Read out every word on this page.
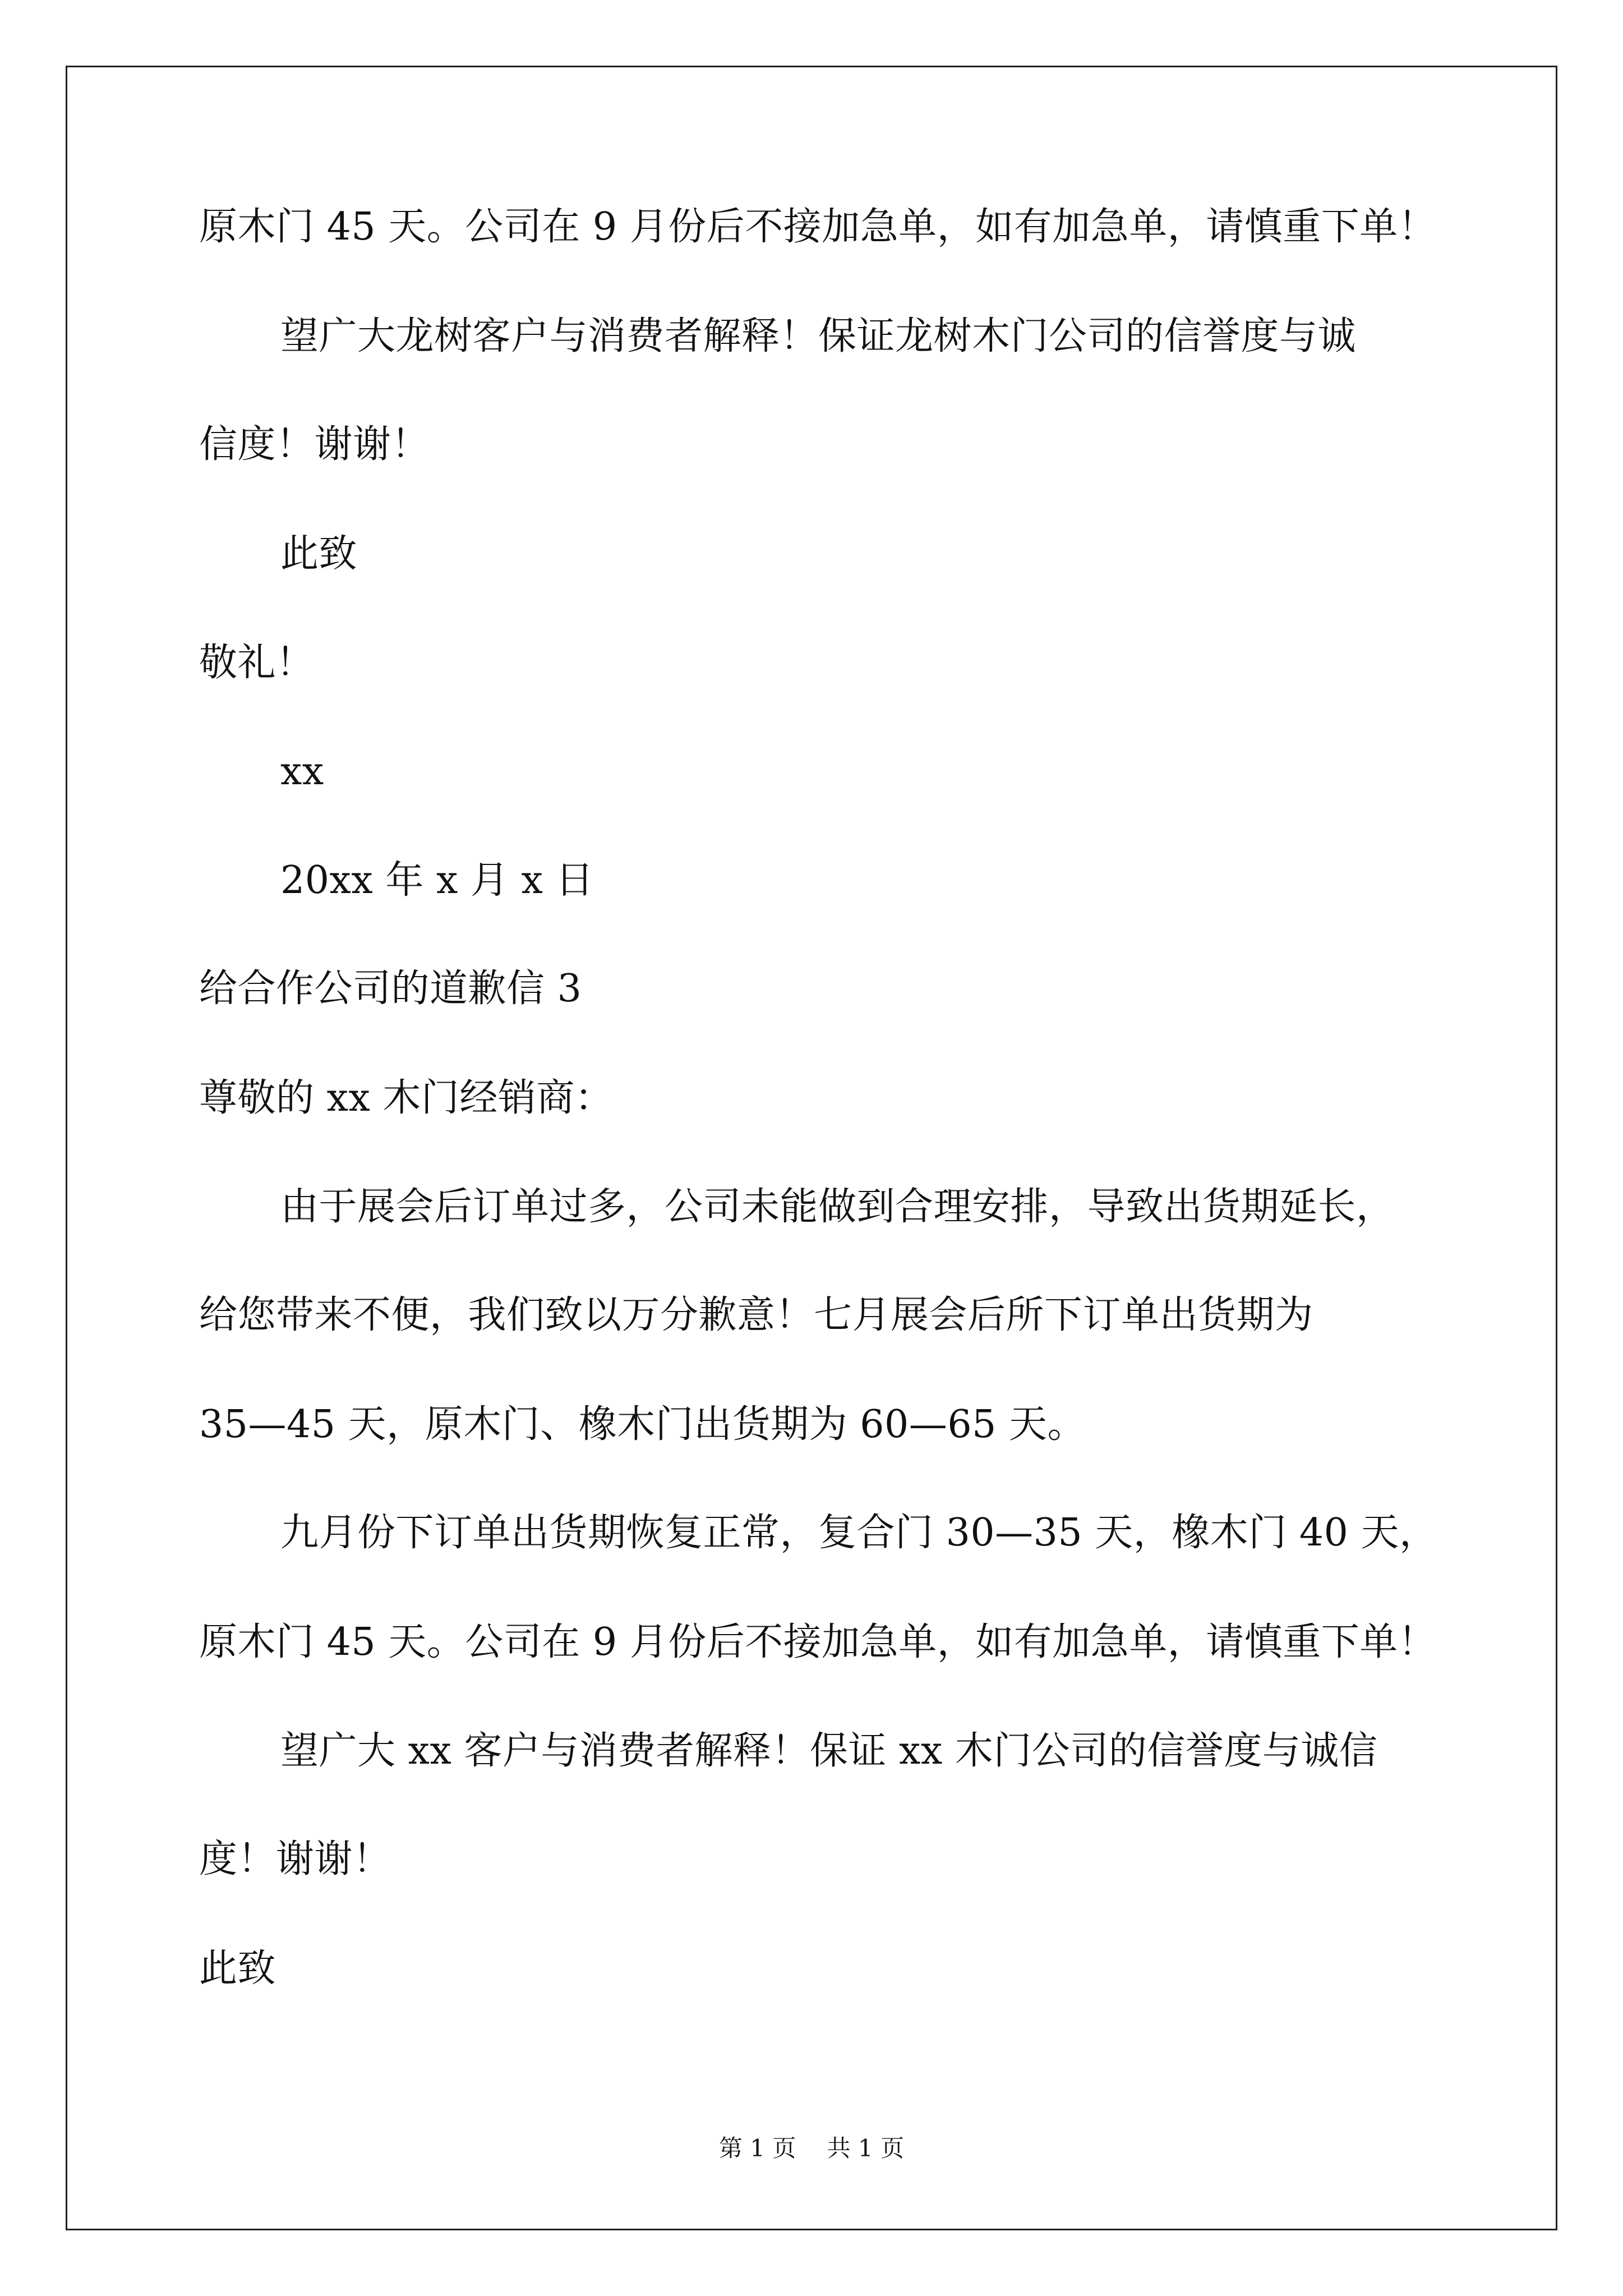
原木门 45 天。公司在 9 月份后不接加急单，如有加急单，请慎重下单！
望广大龙树客户与消费者解释！保证龙树木门公司的信誉度与诚
信度！谢谢！
此致
敬礼！
xx
20xx 年 x 月 x 日
给合作公司的道歉信 3
尊敬的 xx 木门经销商：
由于展会后订单过多，公司未能做到合理安排，导致出货期延长，
给您带来不便，我们致以万分歉意！七月展会后所下订单出货期为
35—45 天，原木门、橡木门出货期为 60—65 天。
九月份下订单出货期恢复正常，复合门 30—35 天，橡木门 40 天，
原木门 45 天。公司在 9 月份后不接加急单，如有加急单，请慎重下单！
望广大 xx 客户与消费者解释！保证 xx 木门公司的信誉度与诚信
度！谢谢！
此致
第 1 页　 共 1 页
